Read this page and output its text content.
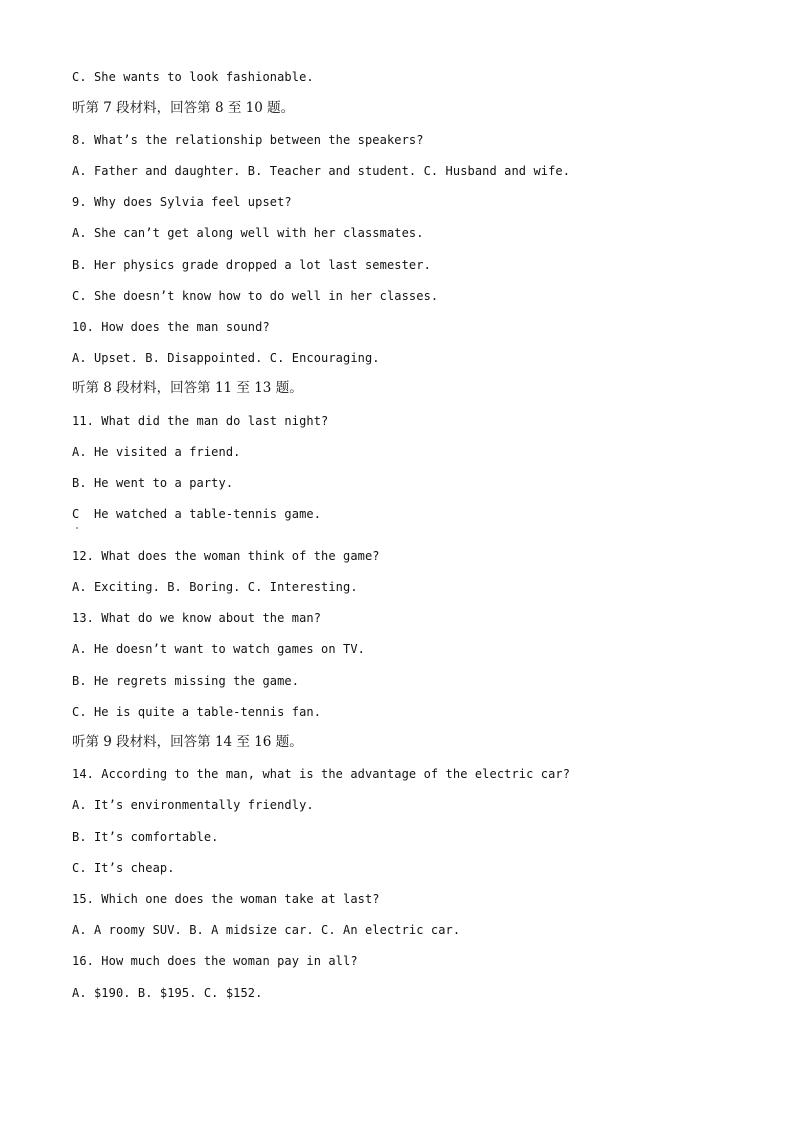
C. She wants to look fashionable.
听第 7 段材料，回答第 8 至 10 题。
8. What’s the relationship between the speakers?
A. Father and daughter. B. Teacher and student. C. Husband and wife.
9. Why does Sylvia feel upset?
A. She can’t get along well with her classmates.
B. Her physics grade dropped a lot last semester.
C. She doesn’t know how to do well in her classes.
10. How does the man sound?
A. Upset. B. Disappointed. C. Encouraging.
听第 8 段材料，回答第 11 至 13 题。
11. What did the man do last night?
A. He visited a friend.
B. He went to a party.
C  He watched a table-tennis game.
12. What does the woman think of the game?
A. Exciting. B. Boring. C. Interesting.
13. What do we know about the man?
A. He doesn’t want to watch games on TV.
B. He regrets missing the game.
C. He is quite a table-tennis fan.
听第 9 段材料，回答第 14 至 16 题。
14. According to the man, what is the advantage of the electric car?
A. It’s environmentally friendly.
B. It’s comfortable.
C. It’s cheap.
15. Which one does the woman take at last?
A. A roomy SUV. B. A midsize car. C. An electric car.
16. How much does the woman pay in all?
A. $190. B. $195. C. $152.
